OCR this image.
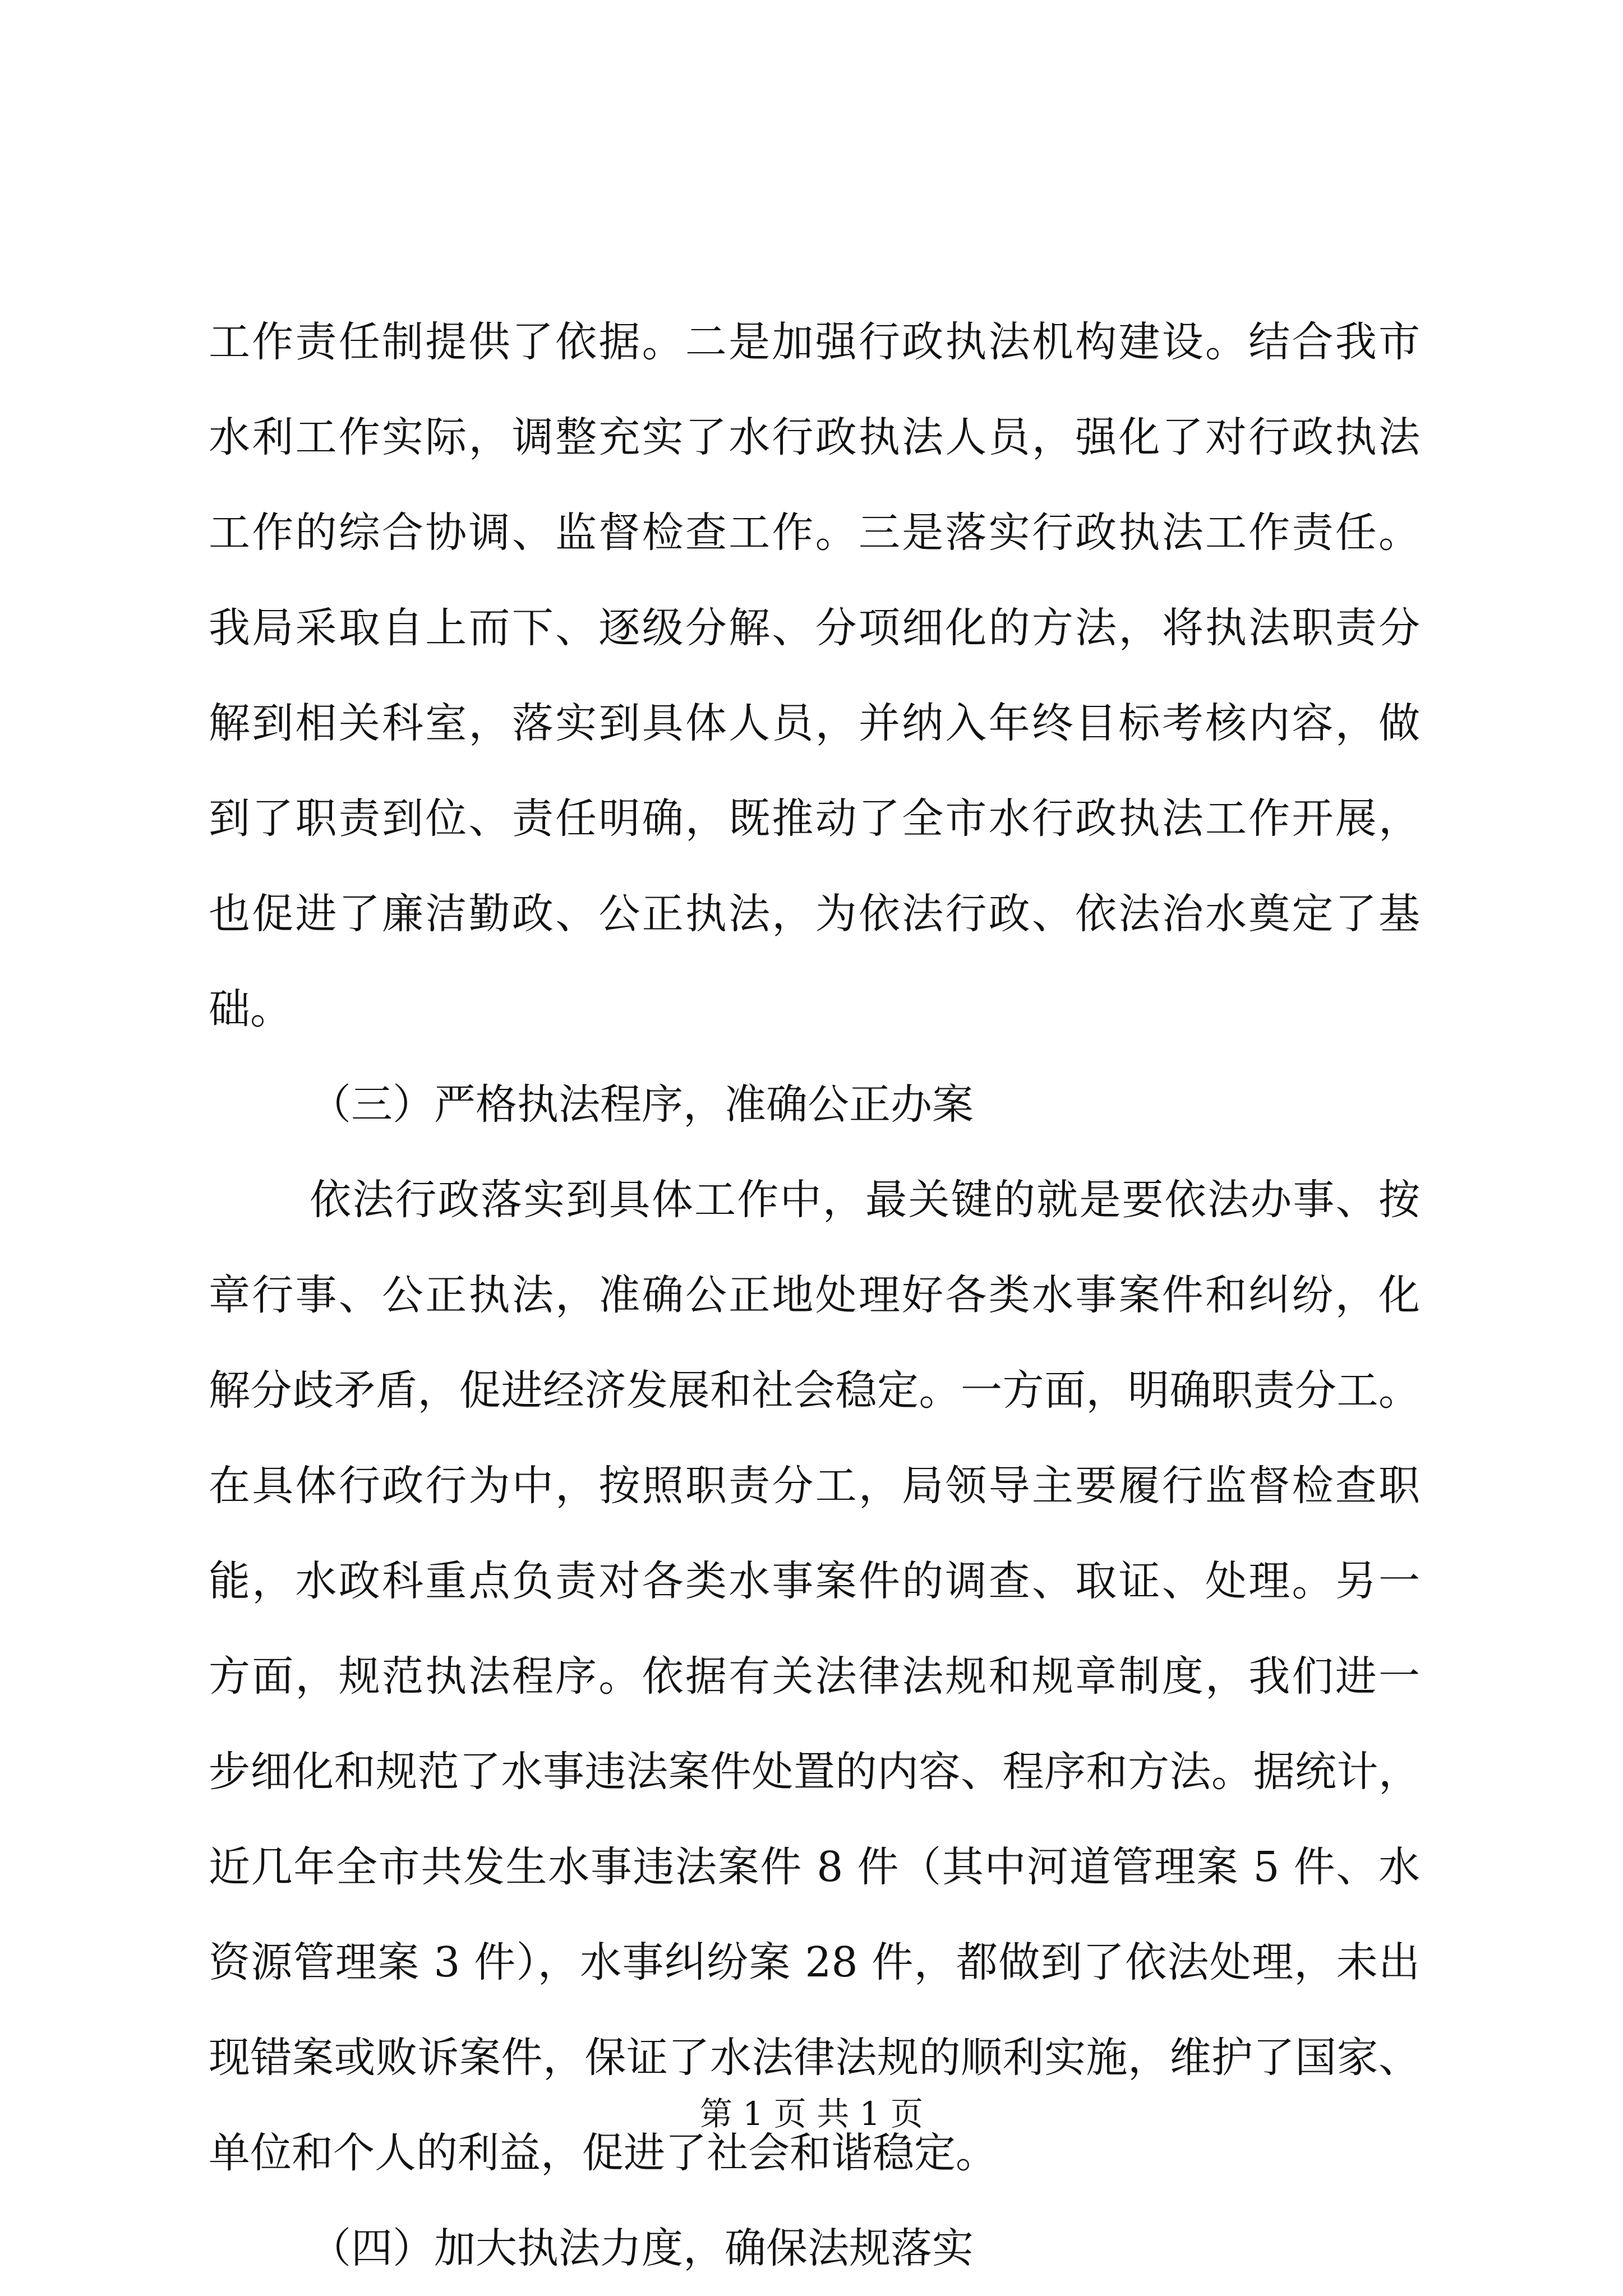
工作责任制提供了依据。二是加强行政执法机构建设。结合我市
水利工作实际，调整充实了水行政执法人员，强化了对行政执法
工作的综合协调、监督检查工作。三是落实行政执法工作责任。
我局采取自上而下、逐级分解、分项细化的方法，将执法职责分
解到相关科室，落实到具体人员，并纳入年终目标考核内容，做
到了职责到位、责任明确，既推动了全市水行政执法工作开展，
也促进了廉洁勤政、公正执法，为依法行政、依法治水奠定了基
础。
（三）严格执法程序，准确公正办案
依法行政落实到具体工作中，最关键的就是要依法办事、按
章行事、公正执法，准确公正地处理好各类水事案件和纠纷，化
解分歧矛盾，促进经济发展和社会稳定。一方面，明确职责分工。
在具体行政行为中，按照职责分工，局领导主要履行监督检查职
能，水政科重点负责对各类水事案件的调查、取证、处理。另一
方面，规范执法程序。依据有关法律法规和规章制度，我们进一
步细化和规范了水事违法案件处置的内容、程序和方法。据统计，
近几年全市共发生水事违法案件 8 件（其中河道管理案 5 件、水
资源管理案 3 件），水事纠纷案 28 件，都做到了依法处理，未出
现错案或败诉案件，保证了水法律法规的顺利实施，维护了国家、
单位和个人的利益，促进了社会和谐稳定。
（四）加大执法力度，确保法规落实
第 1 页 共 1 页
